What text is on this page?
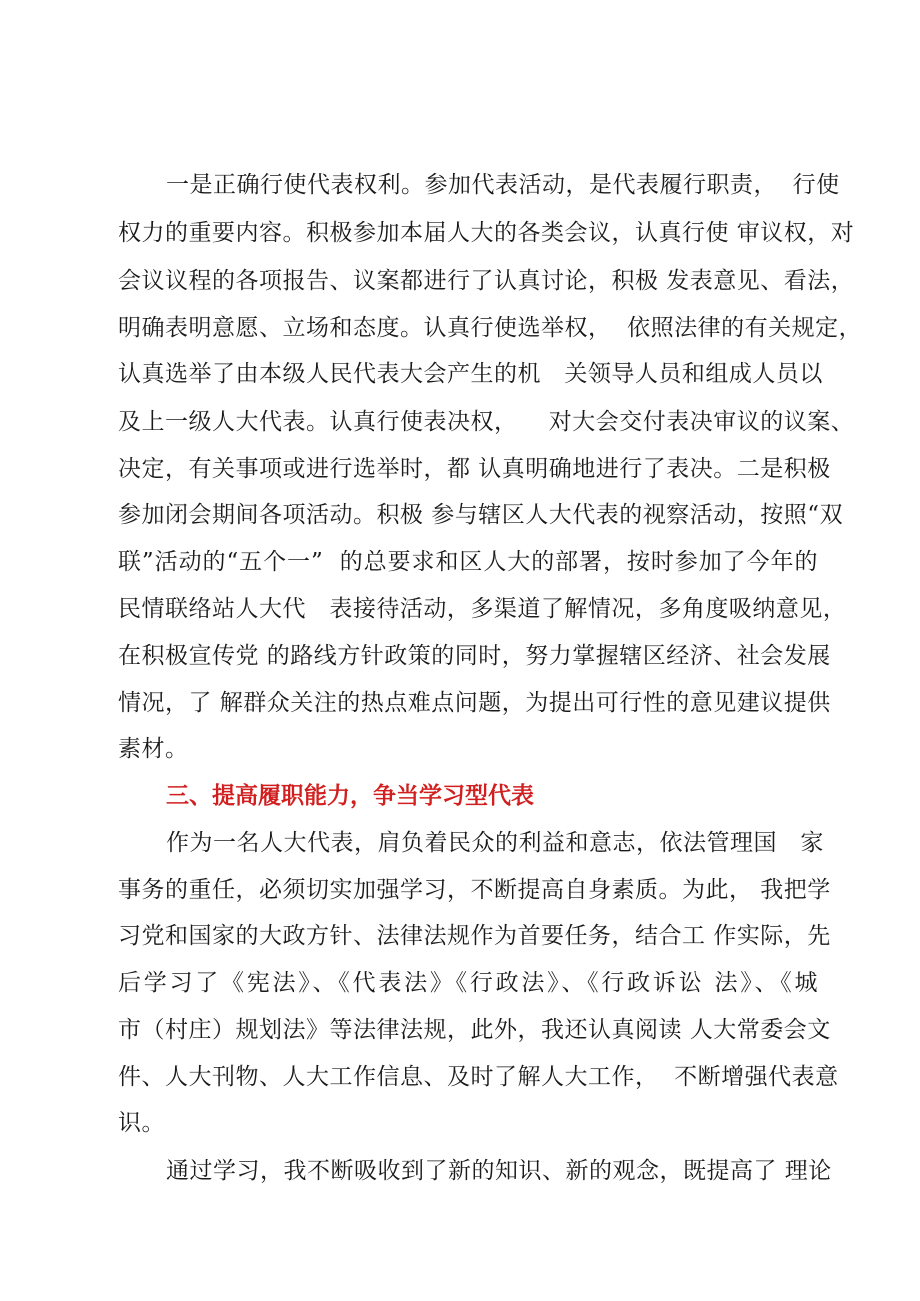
一是正确行使代表权利。参加代表活动，是代表履行职责，  行使
权力的重要内容。积极参加本届人大的各类会议，认真行使 审议权，对
会议议程的各项报告、议案都进行了认真讨论，积极 发表意见、看法，
明确表明意愿、立场和态度。认真行使选举权，  依照法律的有关规定，
认真选举了由本级人民代表大会产生的机   关领导人员和组成人员以
及上一级人大代表。认真行使表决权，    对大会交付表决审议的议案、
决定，有关事项或进行选举时，都 认真明确地进行了表决。二是积极
参加闭会期间各项活动。积极 参与辖区人大代表的视察活动，按照“双
联”活动的“五个一”  的总要求和区人大的部署，按时参加了今年的
民情联络站人大代   表接待活动，多渠道了解情况，多角度吸纳意见，
在积极宣传党 的路线方针政策的同时，努力掌握辖区经济、社会发展
情况，了 解群众关注的热点难点问题，为提出可行性的意见建议提供
素材。
三、提高履职能力，争当学习型代表
作为一名人大代表，肩负着民众的利益和意志，依法管理国   家
事务的重任，必须切实加强学习，不断提高自身素质。为此， 我把学
习党和国家的大政方针、法律法规作为首要任务，结合工 作实际，先
后学习了《宪法》、《代表法》《行政法》、《行政诉讼 法》、《城
市（村庄）规划法》等法律法规，此外，我还认真阅读 人大常委会文
件、人大刊物、人大工作信息、及时了解人大工作，  不断增强代表意
识。
通过学习，我不断吸收到了新的知识、新的观念，既提高了 理论
